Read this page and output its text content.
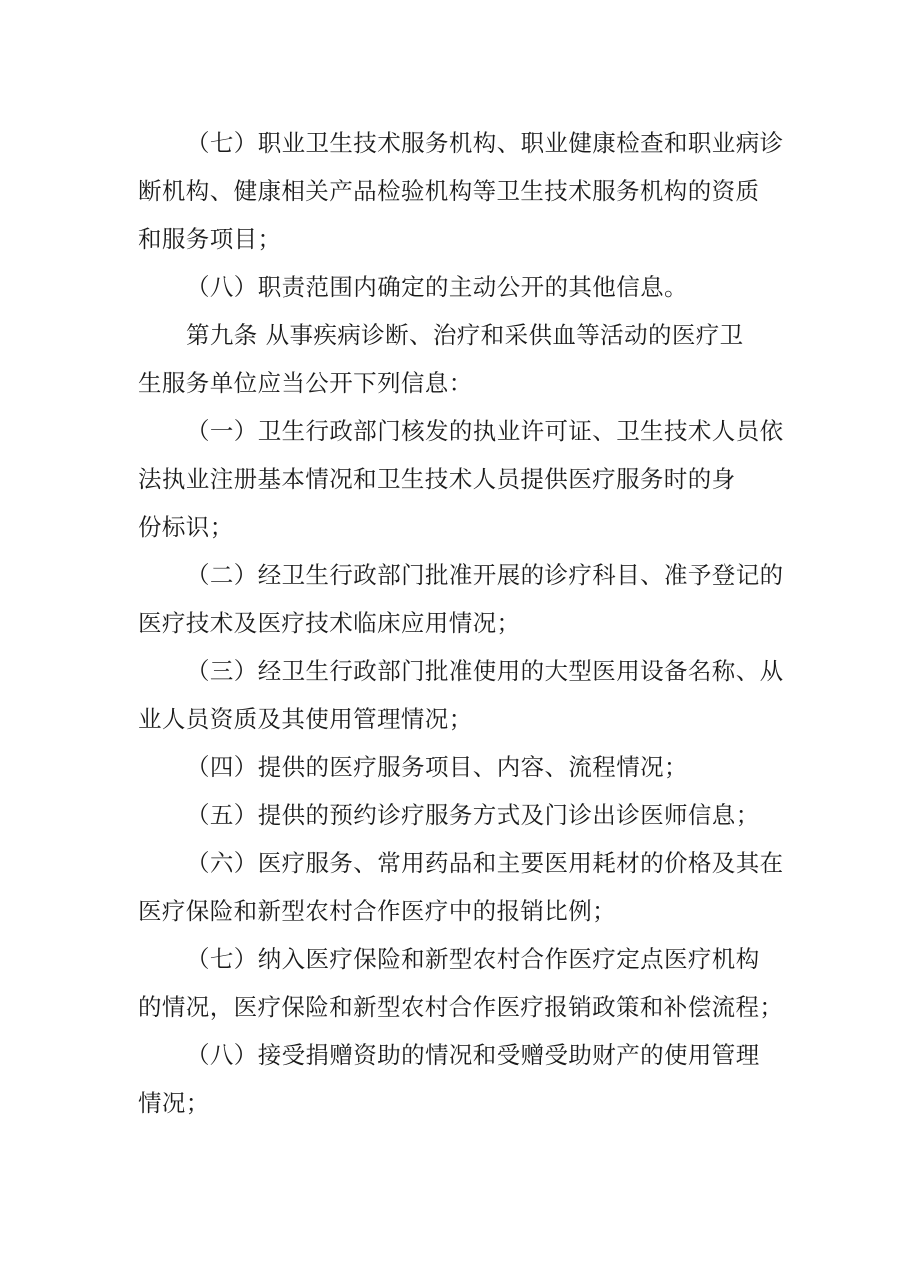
（七）职业卫生技术服务机构、职业健康检查和职业病诊
断机构、健康相关产品检验机构等卫生技术服务机构的资质
和服务项目；
（八）职责范围内确定的主动公开的其他信息。
第九条 从事疾病诊断、治疗和采供血等活动的医疗卫
生服务单位应当公开下列信息：
（一）卫生行政部门核发的执业许可证、卫生技术人员依
法执业注册基本情况和卫生技术人员提供医疗服务时的身
份标识；
（二）经卫生行政部门批准开展的诊疗科目、准予登记的
医疗技术及医疗技术临床应用情况；
（三）经卫生行政部门批准使用的大型医用设备名称、从
业人员资质及其使用管理情况；
（四）提供的医疗服务项目、内容、流程情况；
（五）提供的预约诊疗服务方式及门诊出诊医师信息；
（六）医疗服务、常用药品和主要医用耗材的价格及其在
医疗保险和新型农村合作医疗中的报销比例；
（七）纳入医疗保险和新型农村合作医疗定点医疗机构
的情况，医疗保险和新型农村合作医疗报销政策和补偿流程；
（八）接受捐赠资助的情况和受赠受助财产的使用管理
情况；
